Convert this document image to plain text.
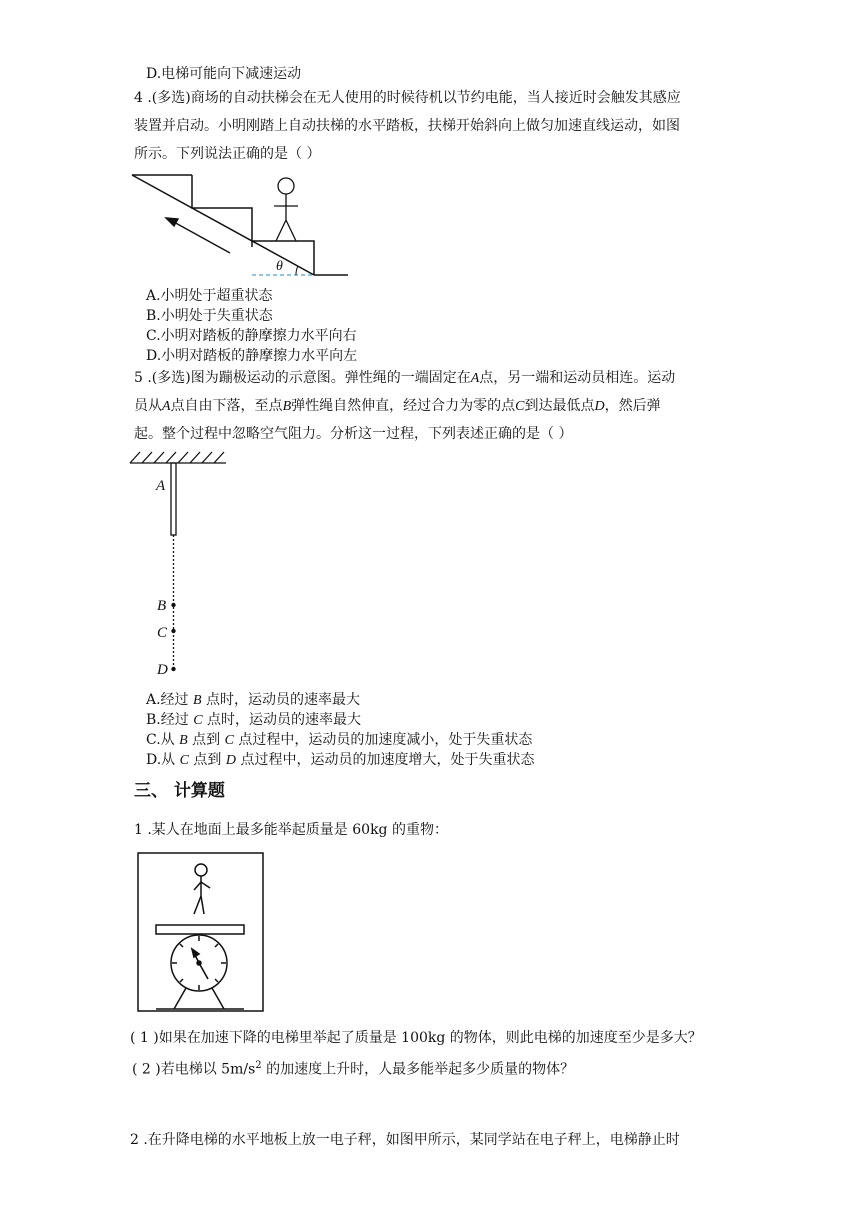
D.电梯可能向下减速运动
4 .(多选)商场的自动扶梯会在无人使用的时候待机以节约电能，当人接近时会触发其感应
装置并启动。小明刚踏上自动扶梯的水平踏板，扶梯开始斜向上做匀加速直线运动，如图
所示。下列说法正确的是（ ）
θ
A.小明处于超重状态
B.小明处于失重状态
C.小明对踏板的静摩擦力水平向右
D.小明对踏板的静摩擦力水平向左
5 .(多选)图为蹦极运动的示意图。弹性绳的一端固定在A点，另一端和运动员相连。运动
员从A点自由下落，至点B弹性绳自然伸直，经过合力为零的点C到达最低点D，然后弹
起。整个过程中忽略空气阻力。分析这一过程，下列表述正确的是（ ）
A
B
C
D
A.经过 B 点时，运动员的速率最大
B.经过 C 点时，运动员的速率最大
C.从 B 点到 C 点过程中，运动员的加速度减小，处于失重状态
D.从 C 点到 D 点过程中，运动员的加速度增大，处于失重状态
三、 计算题
1 .某人在地面上最多能举起质量是 60kg 的重物：
( 1 )如果在加速下降的电梯里举起了质量是 100kg 的物体，则此电梯的加速度至少是多大？
( 2 )若电梯以 $5m/s^2$ 的加速度上升时，人最多能举起多少质量的物体？
2 .在升降电梯的水平地板上放一电子秤，如图甲所示，某同学站在电子秤上，电梯静止时
